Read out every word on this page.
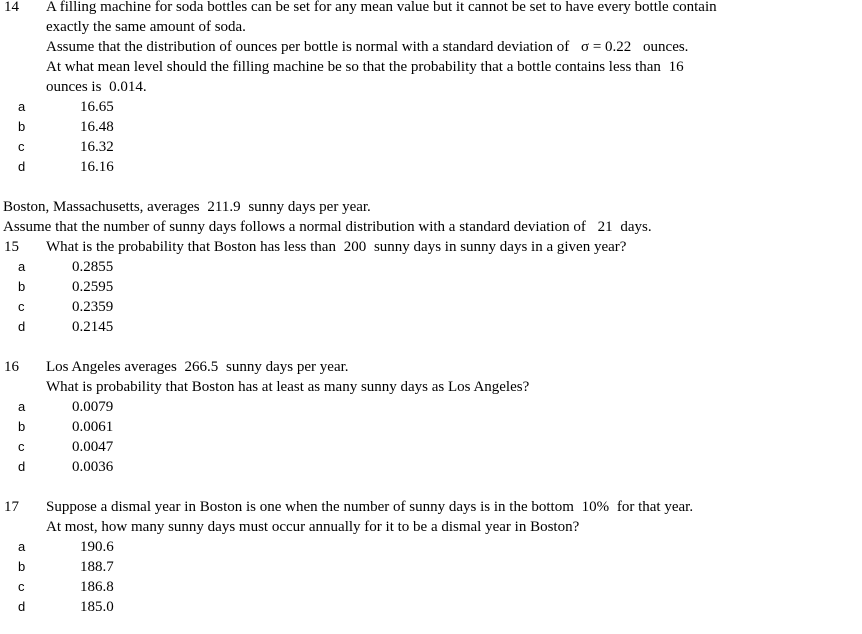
14 A filling machine for soda bottles can be set for any mean value but it cannot be set to have every bottle contain
exactly the same amount of soda.
Assume that the distribution of ounces per bottle is normal with a standard deviation of σ = 0.22 ounces.
At what mean level should the filling machine be so that the probability that a bottle contains less than 16
ounces is 0.014.
a	16.65
b	16.48
c	16.32
d	16.16
Boston, Massachusetts, averages 211.9 sunny days per year.
Assume that the number of sunny days follows a normal distribution with a standard deviation of 21 days.
15 What is the probability that Boston has less than 200 sunny days in sunny days in a given year?
a	0.2855
b	0.2595
c	0.2359
d	0.2145
16 Los Angeles averages 266.5 sunny days per year.
What is probability that Boston has at least as many sunny days as Los Angeles?
a	0.0079
b	0.0061
c	0.0047
d	0.0036
17 Suppose a dismal year in Boston is one when the number of sunny days is in the bottom 10% for that year.
At most, how many sunny days must occur annually for it to be a dismal year in Boston?
a	190.6
b	188.7
c	186.8
d	185.0
